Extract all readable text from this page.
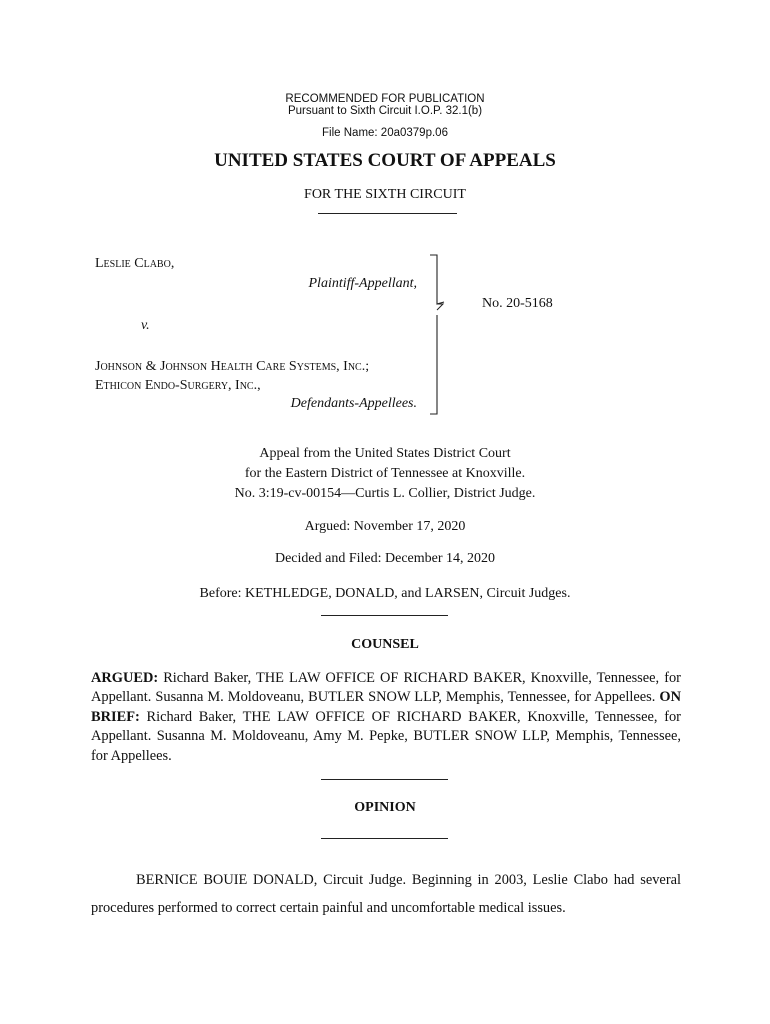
RECOMMENDED FOR PUBLICATION
Pursuant to Sixth Circuit I.O.P. 32.1(b)
File Name: 20a0379p.06
UNITED STATES COURT OF APPEALS
FOR THE SIXTH CIRCUIT
Leslie Clabo,
Plaintiff-Appellant,
v.
Johnson & Johnson Health Care Systems, Inc.;
Ethicon Endo-Surgery, Inc.,
Defendants-Appellees.
No. 20-5168
Appeal from the United States District Court
for the Eastern District of Tennessee at Knoxville.
No. 3:19-cv-00154—Curtis L. Collier, District Judge.
Argued: November 17, 2020
Decided and Filed: December 14, 2020
Before: KETHLEDGE, DONALD, and LARSEN, Circuit Judges.
COUNSEL
ARGUED: Richard Baker, THE LAW OFFICE OF RICHARD BAKER, Knoxville, Tennessee, for Appellant. Susanna M. Moldoveanu, BUTLER SNOW LLP, Memphis, Tennessee, for Appellees. ON BRIEF: Richard Baker, THE LAW OFFICE OF RICHARD BAKER, Knoxville, Tennessee, for Appellant. Susanna M. Moldoveanu, Amy M. Pepke, BUTLER SNOW LLP, Memphis, Tennessee, for Appellees.
OPINION
BERNICE BOUIE DONALD, Circuit Judge. Beginning in 2003, Leslie Clabo had several procedures performed to correct certain painful and uncomfortable medical issues.
